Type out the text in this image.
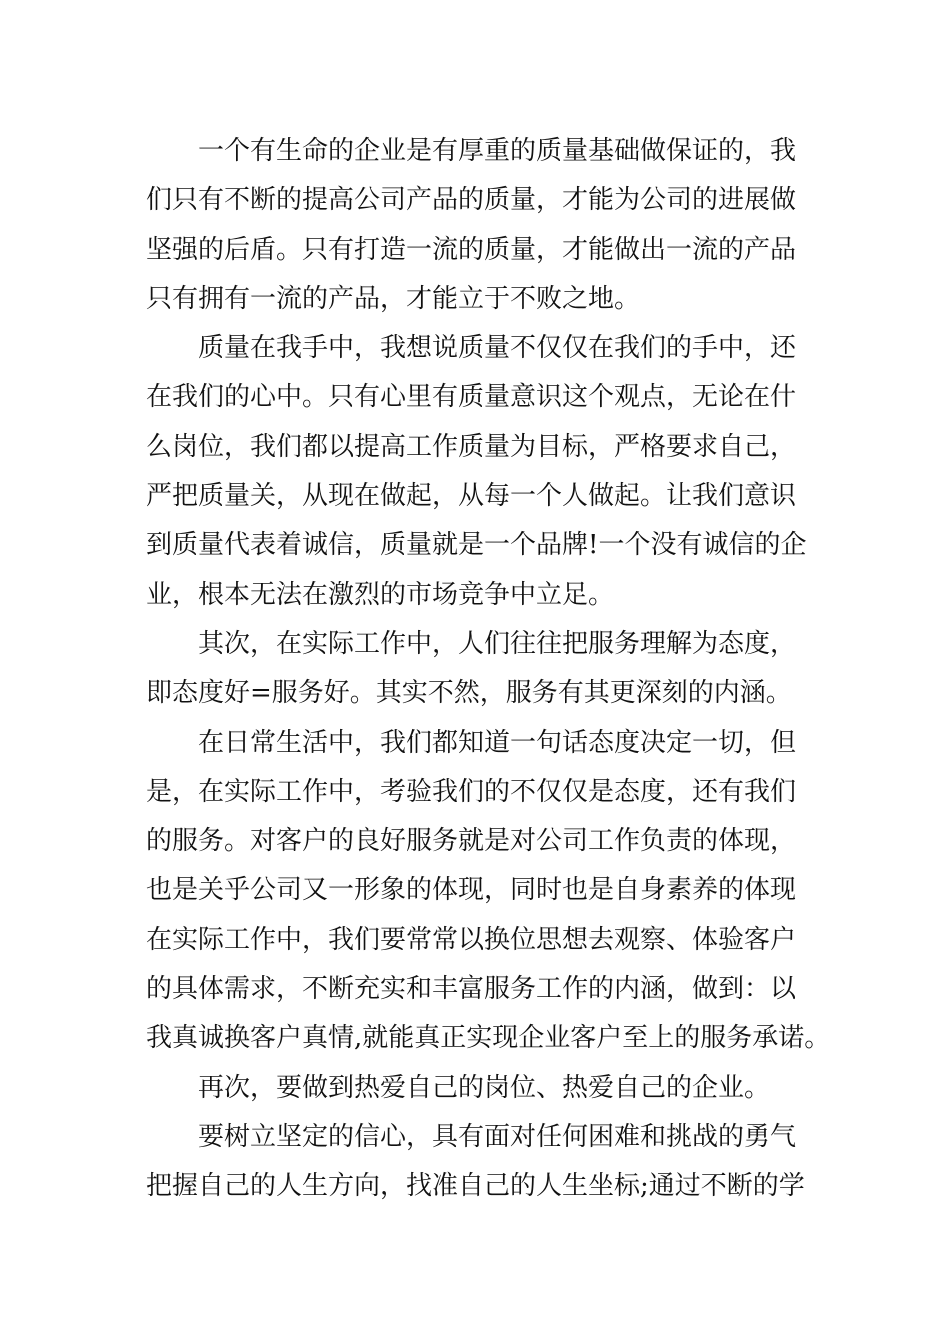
一个有生命的企业是有厚重的质量基础做保证的，我
们只有不断的提高公司产品的质量，才能为公司的进展做
坚强的后盾。只有打造一流的质量，才能做出一流的产品
只有拥有一流的产品，才能立于不败之地。
质量在我手中，我想说质量不仅仅在我们的手中，还
在我们的心中。只有心里有质量意识这个观点，无论在什
么岗位，我们都以提高工作质量为目标，严格要求自己，
严把质量关，从现在做起，从每一个人做起。让我们意识
到质量代表着诚信，质量就是一个品牌!一个没有诚信的企
业，根本无法在激烈的市场竞争中立足。
其次，在实际工作中，人们往往把服务理解为态度，
即态度好=服务好。其实不然，服务有其更深刻的内涵。
在日常生活中，我们都知道一句话态度决定一切，但
是，在实际工作中，考验我们的不仅仅是态度，还有我们
的服务。对客户的良好服务就是对公司工作负责的体现，
也是关乎公司又一形象的体现，同时也是自身素养的体现
在实际工作中，我们要常常以换位思想去观察、体验客户
的具体需求，不断充实和丰富服务工作的内涵，做到：以
我真诚换客户真情,就能真正实现企业客户至上的服务承诺。
再次，要做到热爱自己的岗位、热爱自己的企业。
要树立坚定的信心，具有面对任何困难和挑战的勇气
把握自己的人生方向，找准自己的人生坐标;通过不断的学
